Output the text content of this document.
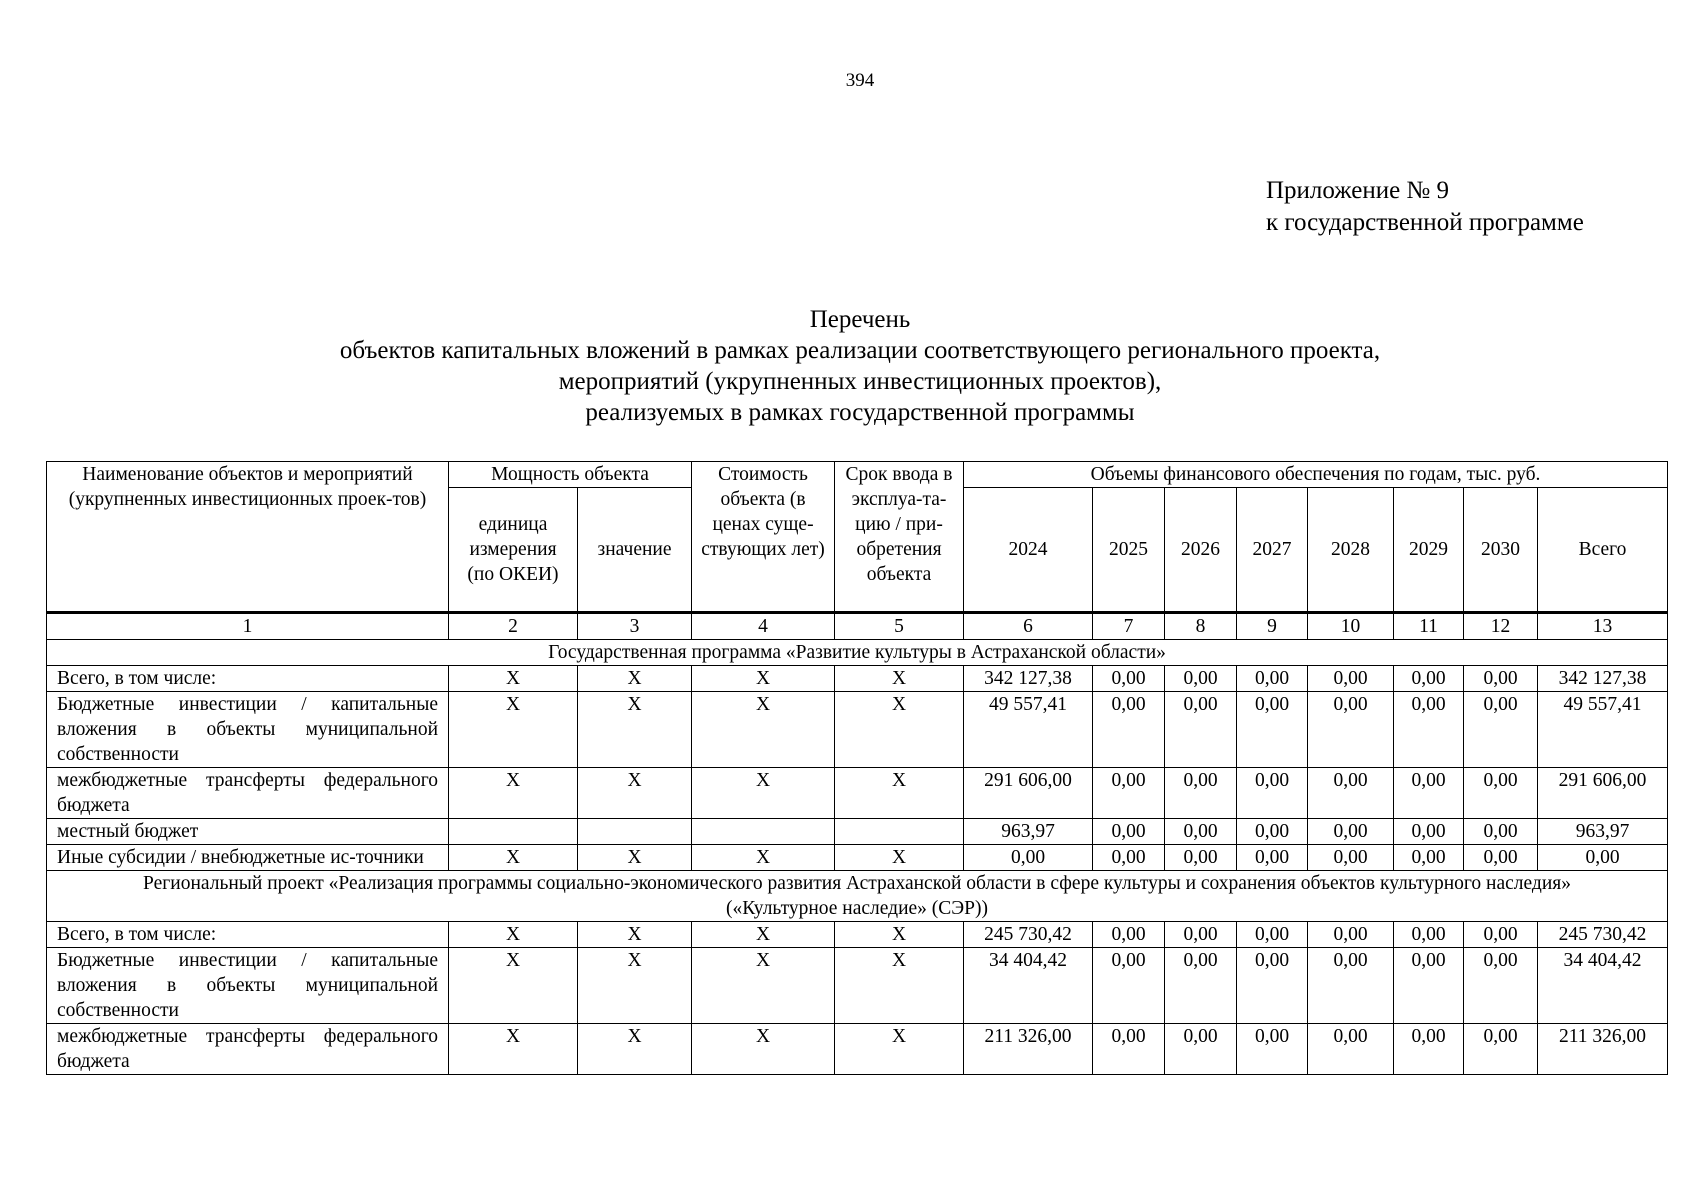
394
Приложение № 9
к государственной программе
Перечень
объектов капитальных вложений в рамках реализации соответствующего регионального проекта,
мероприятий (укрупненных инвестиционных проектов),
реализуемых в рамках государственной программы
Наименование объектов и мероприятий (укрупненных инвестиционных проек-тов)	Мощность объекта		Стоимость объекта (в ценах суще-ствующих лет)	Срок ввода в эксплуа-та-цию / при-обретения объекта	Объемы финансового обеспечения по годам, тыс. руб.							
	единица измерения (по ОКЕИ)	значение			2024	2025	2026	2027	2028	2029	2030	Всего
1	2	3	4	5	6	7	8	9	10	11	12	13
Государственная программа «Развитие культуры в Астраханской области»												
Всего, в том числе:	Х	Х	Х	Х	342 127,38	0,00	0,00	0,00	0,00	0,00	0,00	342 127,38
Бюджетные инвестиции / капитальные вложения в объекты муниципальной собственности	Х	Х	Х	Х	49 557,41	0,00	0,00	0,00	0,00	0,00	0,00	49 557,41
межбюджетные трансферты федерального бюджета	Х	Х	Х	Х	291 606,00	0,00	0,00	0,00	0,00	0,00	0,00	291 606,00
местный бюджет					963,97	0,00	0,00	0,00	0,00	0,00	0,00	963,97
Иные субсидии / внебюджетные ис-точники	Х	Х	Х	Х	0,00	0,00	0,00	0,00	0,00	0,00	0,00	0,00
Региональный проект «Реализация программы социально-экономического развития Астраханской области в сфере культуры и сохранения объектов культурного наследия» («Культурное наследие» (СЭР))												
Всего, в том числе:	Х	Х	Х	Х	245 730,42	0,00	0,00	0,00	0,00	0,00	0,00	245 730,42
Бюджетные инвестиции / капитальные вложения в объекты муниципальной собственности	Х	Х	Х	Х	34 404,42	0,00	0,00	0,00	0,00	0,00	0,00	34 404,42
межбюджетные трансферты федерального бюджета	Х	Х	Х	Х	211 326,00	0,00	0,00	0,00	0,00	0,00	0,00	211 326,00
